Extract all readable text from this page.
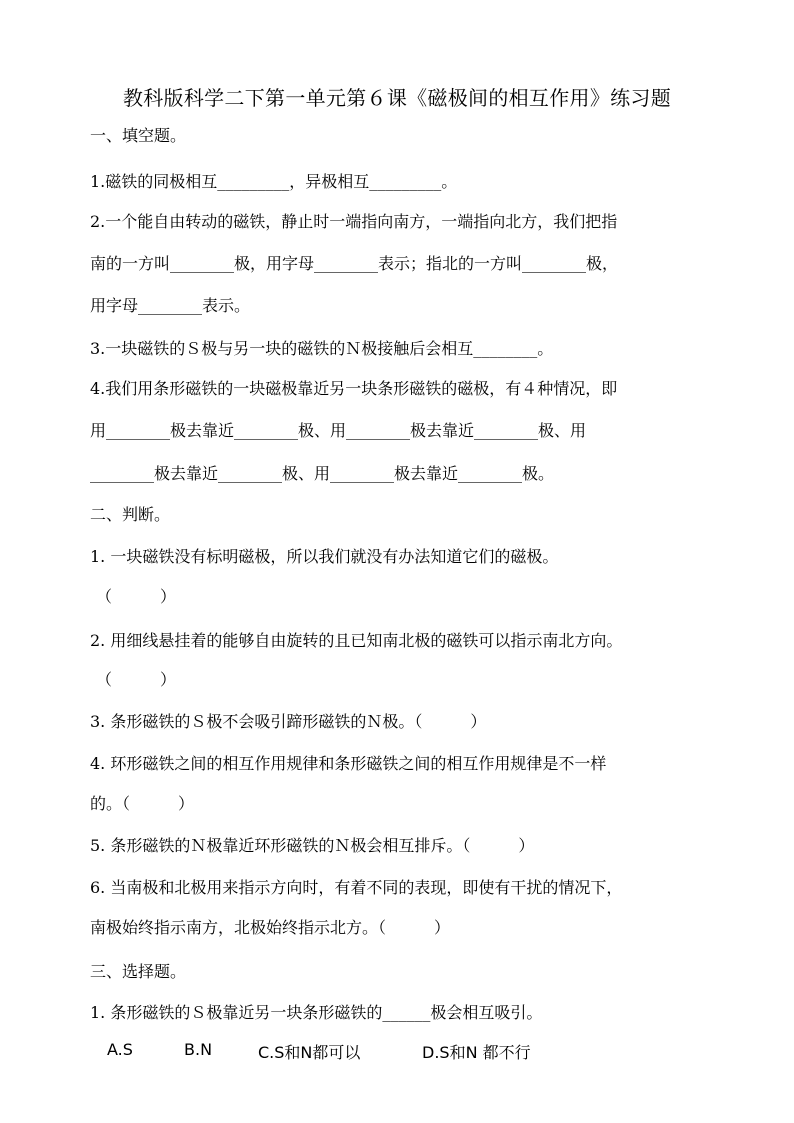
教科版科学二下第一单元第６课《磁极间的相互作用》练习题
一、填空题。
1.磁铁的同极相互_________，异极相互_________。
2.一个能自由转动的磁铁，静止时一端指向南方，一端指向北方，我们把指
南的一方叫________极，用字母________表示；指北的一方叫________极，
用字母________表示。
3.一块磁铁的Ｓ极与另一块的磁铁的Ｎ极接触后会相互________。
4.我们用条形磁铁的一块磁极靠近另一块条形磁铁的磁极，有４种情况，即
用________极去靠近________极、用________极去靠近________极、用
________极去靠近________极、用________极去靠近________极。
二、判断。
1. 一块磁铁没有标明磁极，所以我们就没有办法知道它们的磁极。
（　　　）
2. 用细线悬挂着的能够自由旋转的且已知南北极的磁铁可以指示南北方向。
（　　　）
3. 条形磁铁的Ｓ极不会吸引蹄形磁铁的Ｎ极。（　　　）
4. 环形磁铁之间的相互作用规律和条形磁铁之间的相互作用规律是不一样
的。（　　　）
5. 条形磁铁的Ｎ极靠近环形磁铁的Ｎ极会相互排斥。（　　　）
6. 当南极和北极用来指示方向时，有着不同的表现，即使有干扰的情况下，
南极始终指示南方，北极始终指示北方。（　　　）
三、选择题。
1. 条形磁铁的Ｓ极靠近另一块条形磁铁的______极会相互吸引。
A.S	B.N	C.S和N都可以	D.S和N 都不行
